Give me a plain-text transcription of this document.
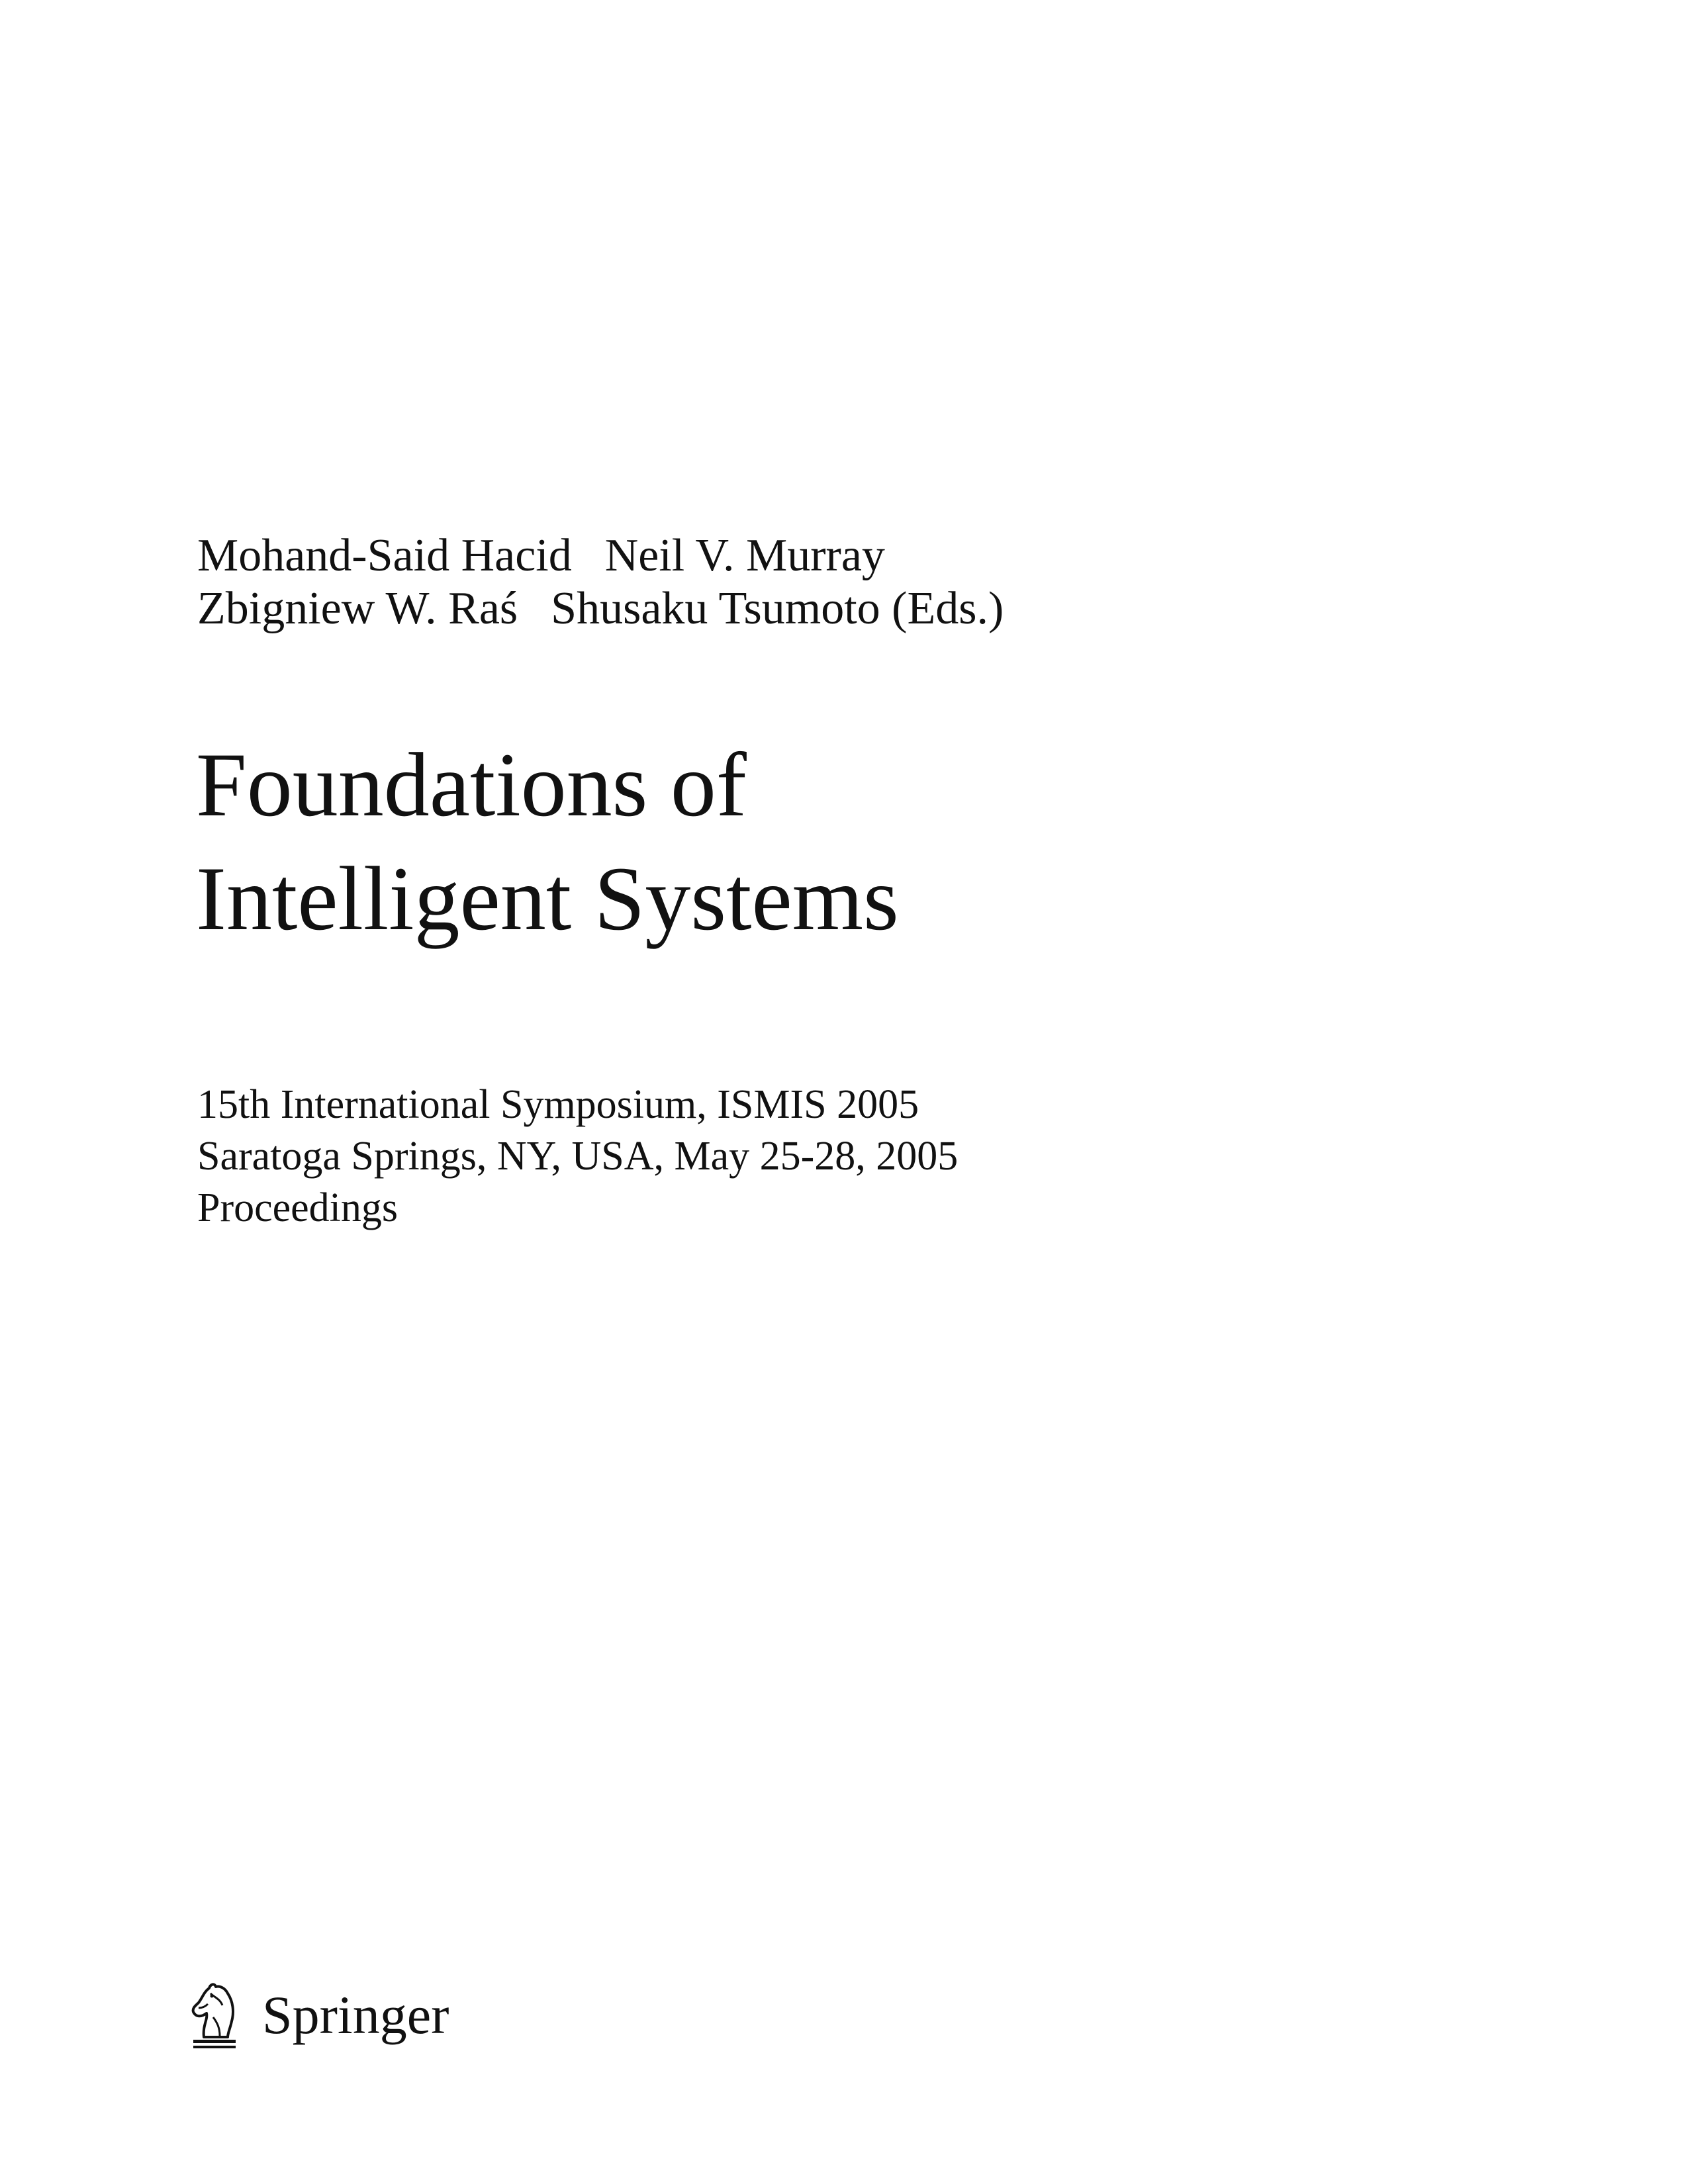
Mohand-Said Hacid Neil V. Murray
Zbigniew W. Raś Shusaku Tsumoto (Eds.)
Foundations of
Intelligent Systems
15th International Symposium, ISMIS 2005
Saratoga Springs, NY, USA, May 25-28, 2005
Proceedings
Springer
